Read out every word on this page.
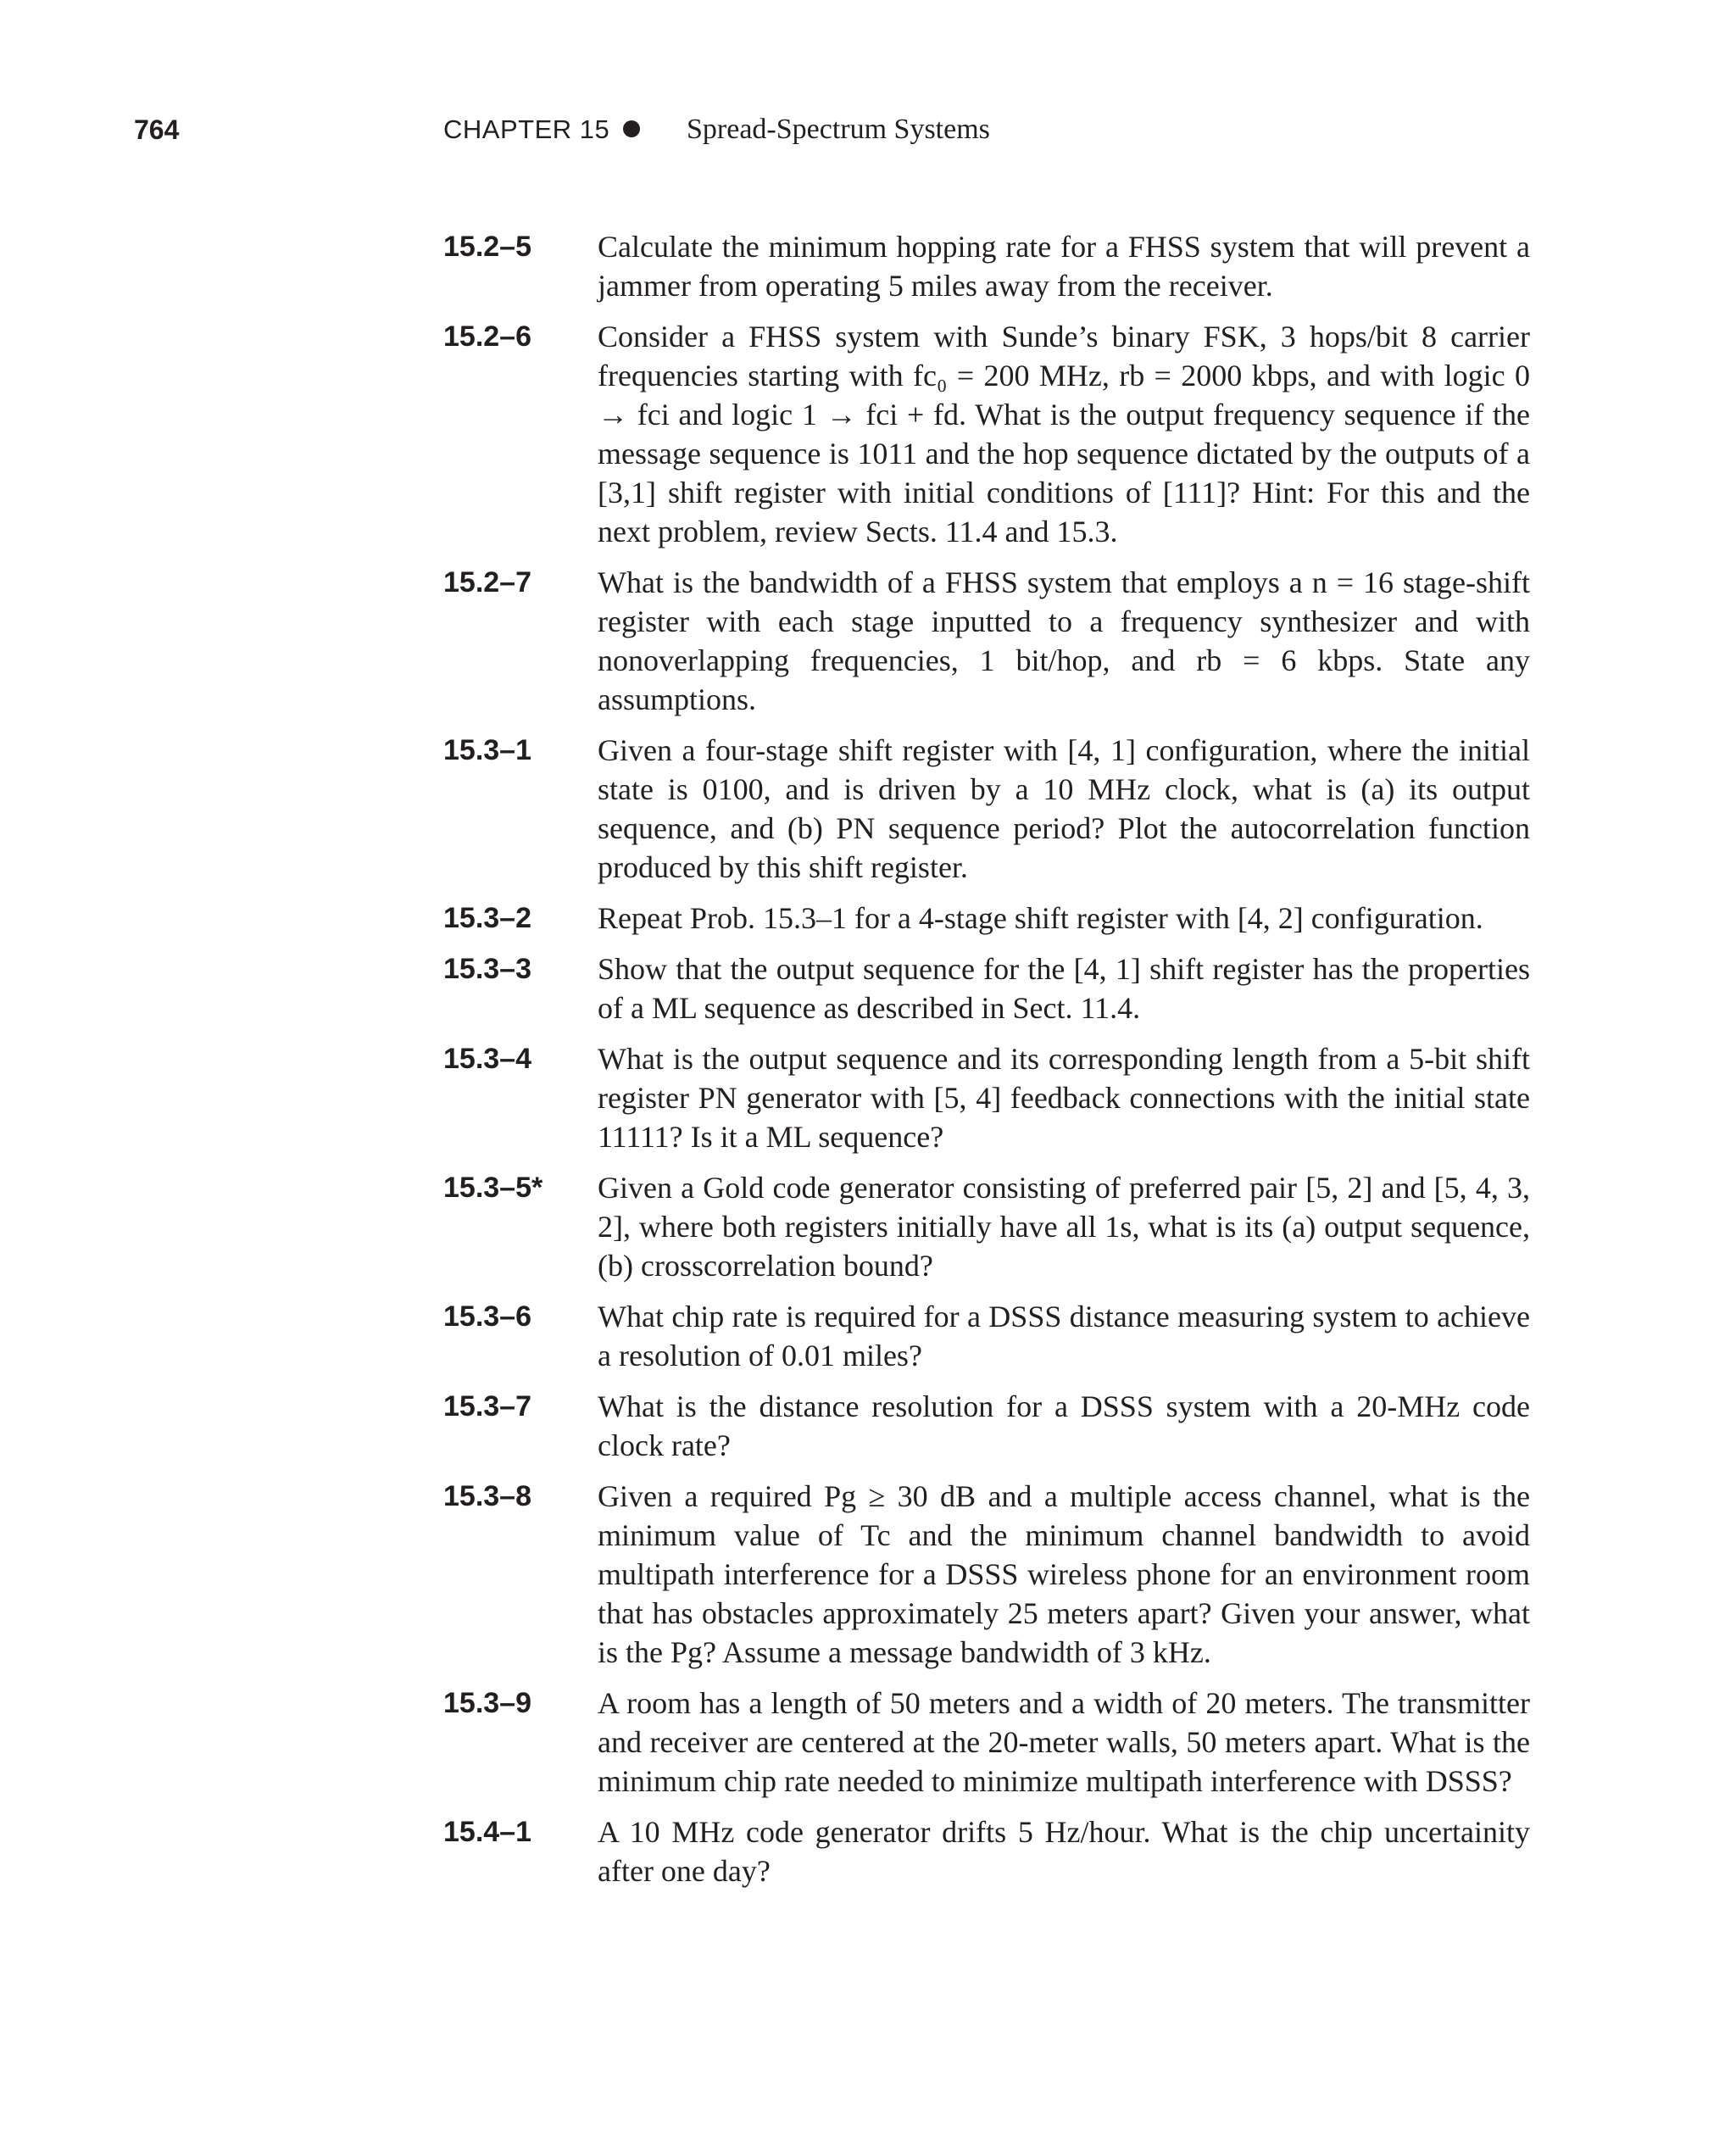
764	CHAPTER 15	Spread-Spectrum Systems
15.2–5	Calculate the minimum hopping rate for a FHSS system that will prevent a jammer from operating 5 miles away from the receiver.
15.2–6	Consider a FHSS system with Sunde’s binary FSK, 3 hops/bit 8 carrier frequencies starting with fc₀ = 200 MHz, rb = 2000 kbps, and with logic 0 → fci and logic 1 → fci + fd. What is the output frequency sequence if the message sequence is 1011 and the hop sequence dictated by the outputs of a [3,1] shift register with initial conditions of [111]? Hint: For this and the next problem, review Sects. 11.4 and 15.3.
15.2–7	What is the bandwidth of a FHSS system that employs a n = 16 stage-shift register with each stage inputted to a frequency synthesizer and with nonoverlapping frequencies, 1 bit/hop, and rb = 6 kbps. State any assumptions.
15.3–1	Given a four-stage shift register with [4, 1] configuration, where the initial state is 0100, and is driven by a 10 MHz clock, what is (a) its output sequence, and (b) PN sequence period? Plot the autocorrelation function produced by this shift register.
15.3–2	Repeat Prob. 15.3–1 for a 4-stage shift register with [4, 2] configuration.
15.3–3	Show that the output sequence for the [4, 1] shift register has the properties of a ML sequence as described in Sect. 11.4.
15.3–4	What is the output sequence and its corresponding length from a 5-bit shift register PN generator with [5, 4] feedback connections with the initial state 11111? Is it a ML sequence?
15.3–5*	Given a Gold code generator consisting of preferred pair [5, 2] and [5, 4, 3, 2], where both registers initially have all 1s, what is its (a) output sequence, (b) crosscorrelation bound?
15.3–6	What chip rate is required for a DSSS distance measuring system to achieve a resolution of 0.01 miles?
15.3–7	What is the distance resolution for a DSSS system with a 20-MHz code clock rate?
15.3–8	Given a required Pg ≥ 30 dB and a multiple access channel, what is the minimum value of Tc and the minimum channel bandwidth to avoid multipath interference for a DSSS wireless phone for an environment room that has obstacles approximately 25 meters apart? Given your answer, what is the Pg? Assume a message bandwidth of 3 kHz.
15.3–9	A room has a length of 50 meters and a width of 20 meters. The transmitter and receiver are centered at the 20-meter walls, 50 meters apart. What is the minimum chip rate needed to minimize multipath interference with DSSS?
15.4–1	A 10 MHz code generator drifts 5 Hz/hour. What is the chip uncertainity after one day?
